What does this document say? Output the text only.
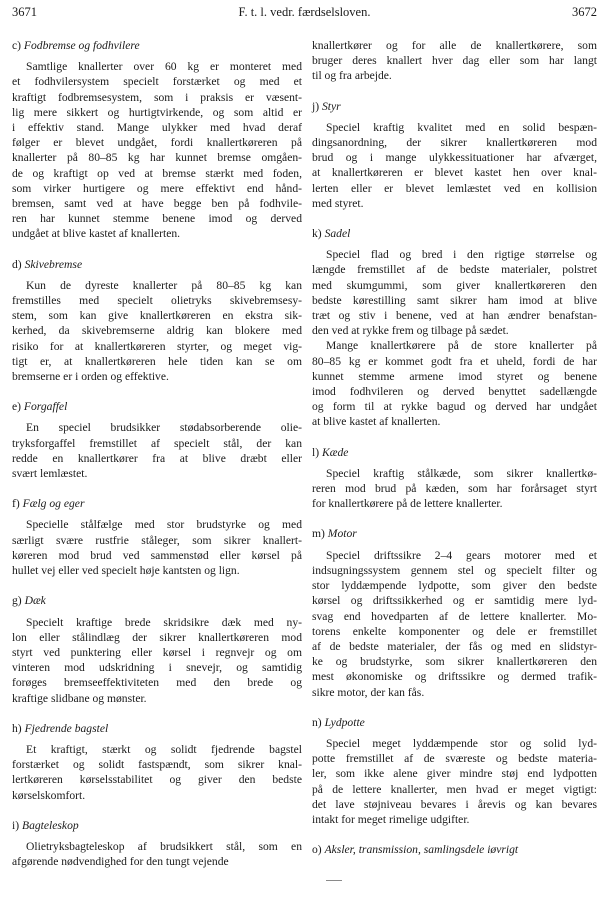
3671	F. t. l. vedr. færdselsloven.	3672
c) Fodbremse og fodhvilere
Samtlige knallerter over 60 kg er monteret med
et fodhvilersystem specielt forstærket og med et
kraftigt fodbremsesystem, som i praksis er væsent-
lig mere sikkert og hurtigtvirkende, og som altid er
i effektiv stand. Mange ulykker med hvad deraf
følger er blevet undgået, fordi knallertkøreren på
knallerter på 80–85 kg har kunnet bremse omgåen-
de og kraftigt op ved at bremse stærkt med foden,
som virker hurtigere og mere effektivt end hånd-
bremsen, samt ved at have begge ben på fodhvile-
ren har kunnet stemme benene imod og derved
undgået at blive kastet af knallerten.
d) Skivebremse
Kun de dyreste knallerter på 80–85 kg kan
fremstilles med specielt olietryks skivebremsesy-
stem, som kan give knallertkøreren en ekstra sik-
kerhed, da skivebremserne aldrig kan blokere med
risiko for at knallertkøreren styrter, og meget vig-
tigt er, at knallertkøreren hele tiden kan se om
bremserne er i orden og effektive.
e) Forgaffel
En speciel brudsikker stødabsorberende olie-
tryksforgaffel fremstillet af specielt stål, der kan
redde en knallertkører fra at blive dræbt eller
svært lemlæstet.
f) Fælg og eger
Specielle stålfælge med stor brudstyrke og med
særligt svære rustfrie ståleger, som sikrer knallert-
køreren mod brud ved sammenstød eller kørsel på
hullet vej eller ved specielt høje kantsten og lign.
g) Dæk
Specielt kraftige brede skridsikre dæk med ny-
lon eller stålindlæg der sikrer knallertkøreren mod
styrt ved punktering eller kørsel i regnvejr og om
vinteren mod udskridning i snevejr, og samtidig
forøges bremseeffektiviteten med den brede og
kraftige slidbane og mønster.
h) Fjedrende bagstel
Et kraftigt, stærkt og solidt fjedrende bagstel
forstærket og solidt fastspændt, som sikrer knal-
lertkøreren kørselsstabilitet og giver den bedste
kørselskomfort.
i) Bagteleskop
Olietryksbagteleskop af brudsikkert stål, som en
afgørende nødvendighed for den tungt vejende
knallertkører og for alle de knallertkørere, som
bruger deres knallert hver dag eller som har langt
til og fra arbejde.
j) Styr
Speciel kraftig kvalitet med en solid bespæn-
dingsanordning, der sikrer knallertkøreren mod
brud og i mange ulykkessituationer har afværget,
at knallertkøreren er blevet kastet hen over knal-
lerten eller er blevet lemlæstet ved en kollision
med styret.
k) Sadel
Speciel flad og bred i den rigtige størrelse og
længde fremstillet af de bedste materialer, polstret
med skumgummi, som giver knallertkøreren den
bedste kørestilling samt sikrer ham imod at blive
træt og stiv i benene, ved at han ændrer benafstan-
den ved at rykke frem og tilbage på sædet.
Mange knallertkørere på de store knallerter på
80–85 kg er kommet godt fra et uheld, fordi de har
kunnet stemme armene imod styret og benene
imod fodhvileren og derved benyttet sadellængde
og form til at rykke bagud og derved har undgået
at blive kastet af knallerten.
l) Kæde
Speciel kraftig stålkæde, som sikrer knallertkø-
reren mod brud på kæden, som har forårsaget styrt
for knallertkørere på de lettere knallerter.
m) Motor
Speciel driftssikre 2–4 gears motorer med et
indsugningssystem gennem stel og specielt filter og
stor lyddæmpende lydpotte, som giver den bedste
kørsel og driftssikkerhed og er samtidig mere lyd-
svag end hovedparten af de lettere knallerter. Mo-
torens enkelte komponenter og dele er fremstillet
af de bedste materialer, der fås og med en slidstyr-
ke og brudstyrke, som sikrer knallertkøreren den
mest økonomiske og driftssikre og dermed trafik-
sikre motor, der kan fås.
n) Lydpotte
Speciel meget lyddæmpende stor og solid lyd-
potte fremstillet af de sværeste og bedste materia-
ler, som ikke alene giver mindre støj end lydpotten
på de lettere knallerter, men hvad er meget vigtigt:
det lave støjniveau bevares i årevis og kan bevares
intakt for meget rimelige udgifter.
o) Aksler, transmission, samlingsdele iøvrigt
